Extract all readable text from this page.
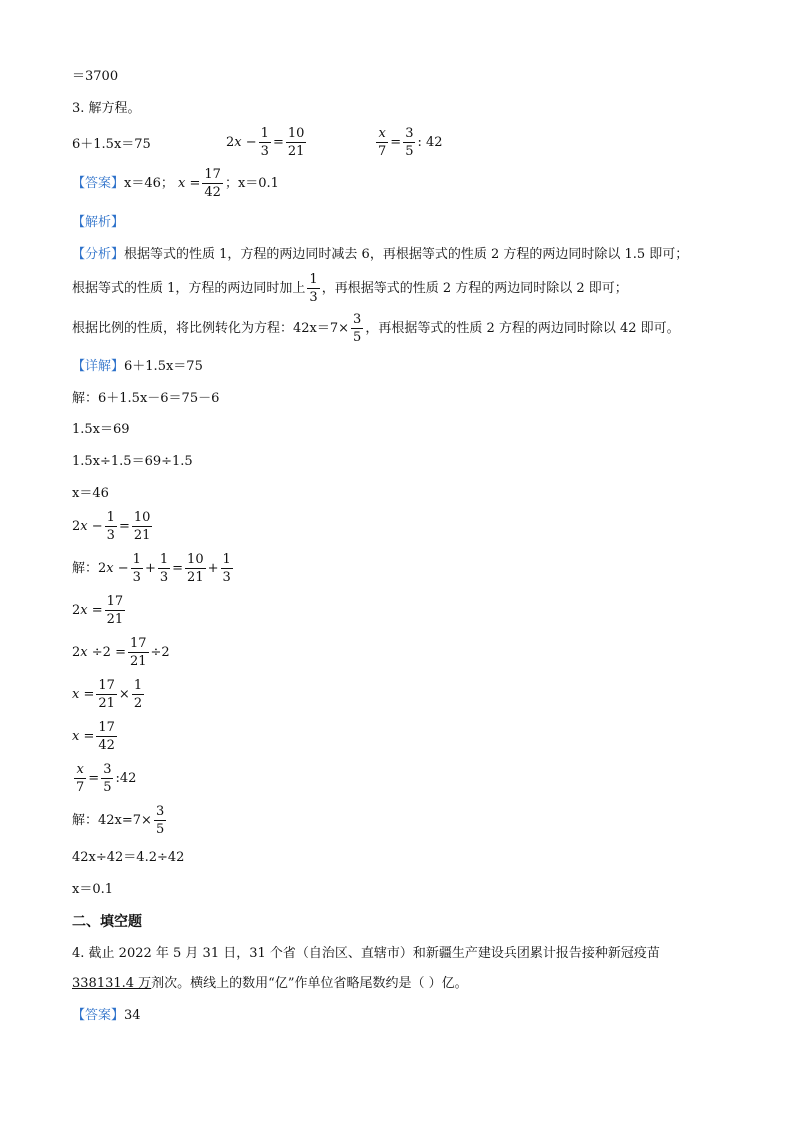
＝3700
3. 解方程。
6＋1.5x＝75	2 x
− $\frac{1}{3} = \frac{10}{21}$	$\frac{x}{7} = \frac{3}{5}$ : 42
【答案】 x＝46；
$x = \frac{17}{42}$ ；x＝0.1
【解析】
【分析】根据等式的性质 1，方程的两边同时减去 6，再根据等式的性质 2 方程的两边同时除以 1.5 即可；
根据等式的性质 1，方程的两边同时加上 $\frac{1}{3}$ ，再根据等式的性质 2 方程的两边同时除以 2 即可；
根据比例的性质，将比例转化为方程：$42x=7\times \frac{3}{5}$ ，再根据等式的性质 2 方程的两边同时除以 42 即可。
【详解】6＋1.5x＝75
解：6＋1.5x－6＝75－6
1.5x＝69
1.5x÷1.5＝69÷1.5
x＝46
2 $x - \frac{1}{3} = \frac{10}{21}$
解： 2 $x - \frac{1}{3} + \frac{1}{3} = \frac{10}{21} + \frac{1}{3}$
2 $x = \frac{17}{21}$
2 $x \div 2 = \frac{17}{21} \div 2$
$x = \frac{17}{21} \times \frac{1}{2}$
$x = \frac{17}{42}$
$\frac{x}{7} = \frac{3}{5}$ : 42
解： $42x=7\times \frac{3}{5}$
42x÷42＝4.2÷42
x＝0.1
二、填空题
4. 截止 2022 年 5 月 31 日，31 个省（自治区、直辖市）和新疆生产建设兵团累计报告接种新冠疫苗
338131.4 万剂次。横线上的数用“亿”作单位省略尾数约是（ ）亿。
【答案】34
